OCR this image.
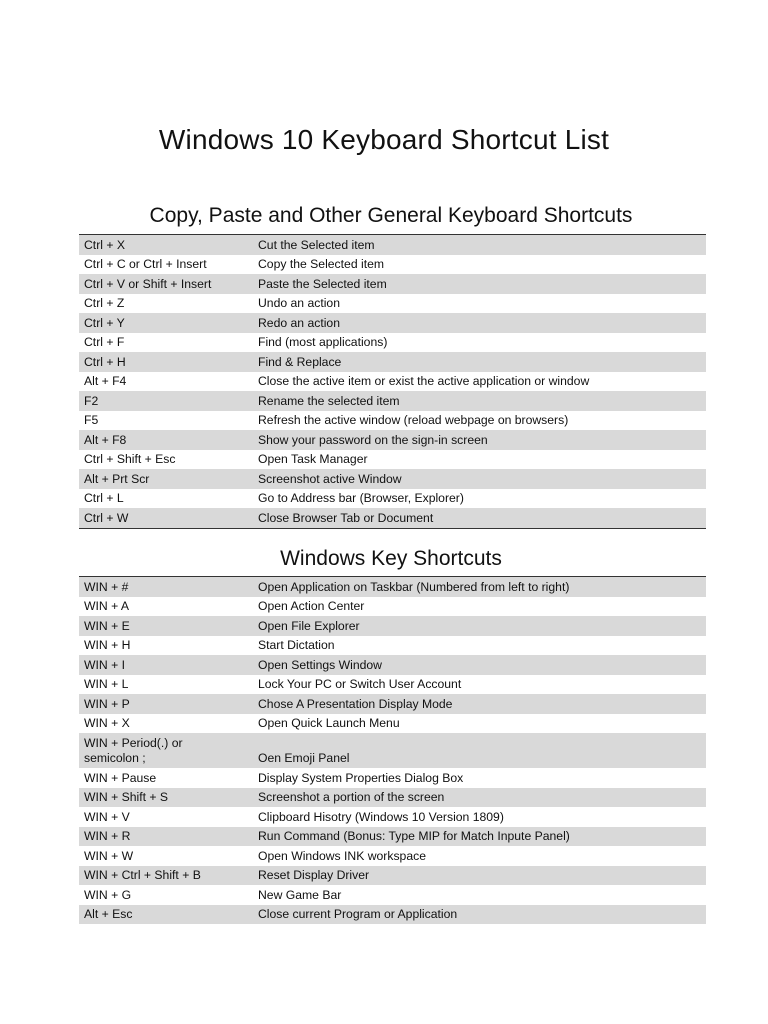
Windows 10 Keyboard Shortcut List
Copy, Paste and Other General Keyboard Shortcuts
Ctrl + X	Cut the Selected item
Ctrl + C or Ctrl + Insert	Copy the Selected item
Ctrl + V or Shift + Insert	Paste the Selected item
Ctrl + Z	Undo an action
Ctrl + Y	Redo an action
Ctrl + F	Find (most applications)
Ctrl + H	Find & Replace
Alt + F4	Close the active item or exist the active application or window
F2	Rename the selected item
F5	Refresh the active window (reload webpage on browsers)
Alt + F8	Show your password on the sign-in screen
Ctrl + Shift + Esc	Open Task Manager
Alt + Prt Scr	Screenshot active Window
Ctrl + L	Go to Address bar (Browser, Explorer)
Ctrl + W	Close Browser Tab or Document
Windows Key Shortcuts
WIN + #	Open Application on Taskbar (Numbered from left to right)
WIN + A	Open Action Center
WIN + E	Open File Explorer
WIN + H	Start Dictation
WIN + I	Open Settings Window
WIN + L	Lock Your PC or Switch User Account
WIN + P	Chose A Presentation Display Mode
WIN + X	Open Quick Launch Menu
WIN + Period(.) or
semicolon ;	Oen Emoji Panel
WIN + Pause	Display System Properties Dialog Box
WIN + Shift + S	Screenshot a portion of the screen
WIN + V	Clipboard Hisotry (Windows 10 Version 1809)
WIN + R	Run Command (Bonus: Type MIP for Match Inpute Panel)
WIN + W	Open Windows INK workspace
WIN + Ctrl + Shift + B	Reset Display Driver
WIN + G	New Game Bar
Alt + Esc	Close current Program or Application
